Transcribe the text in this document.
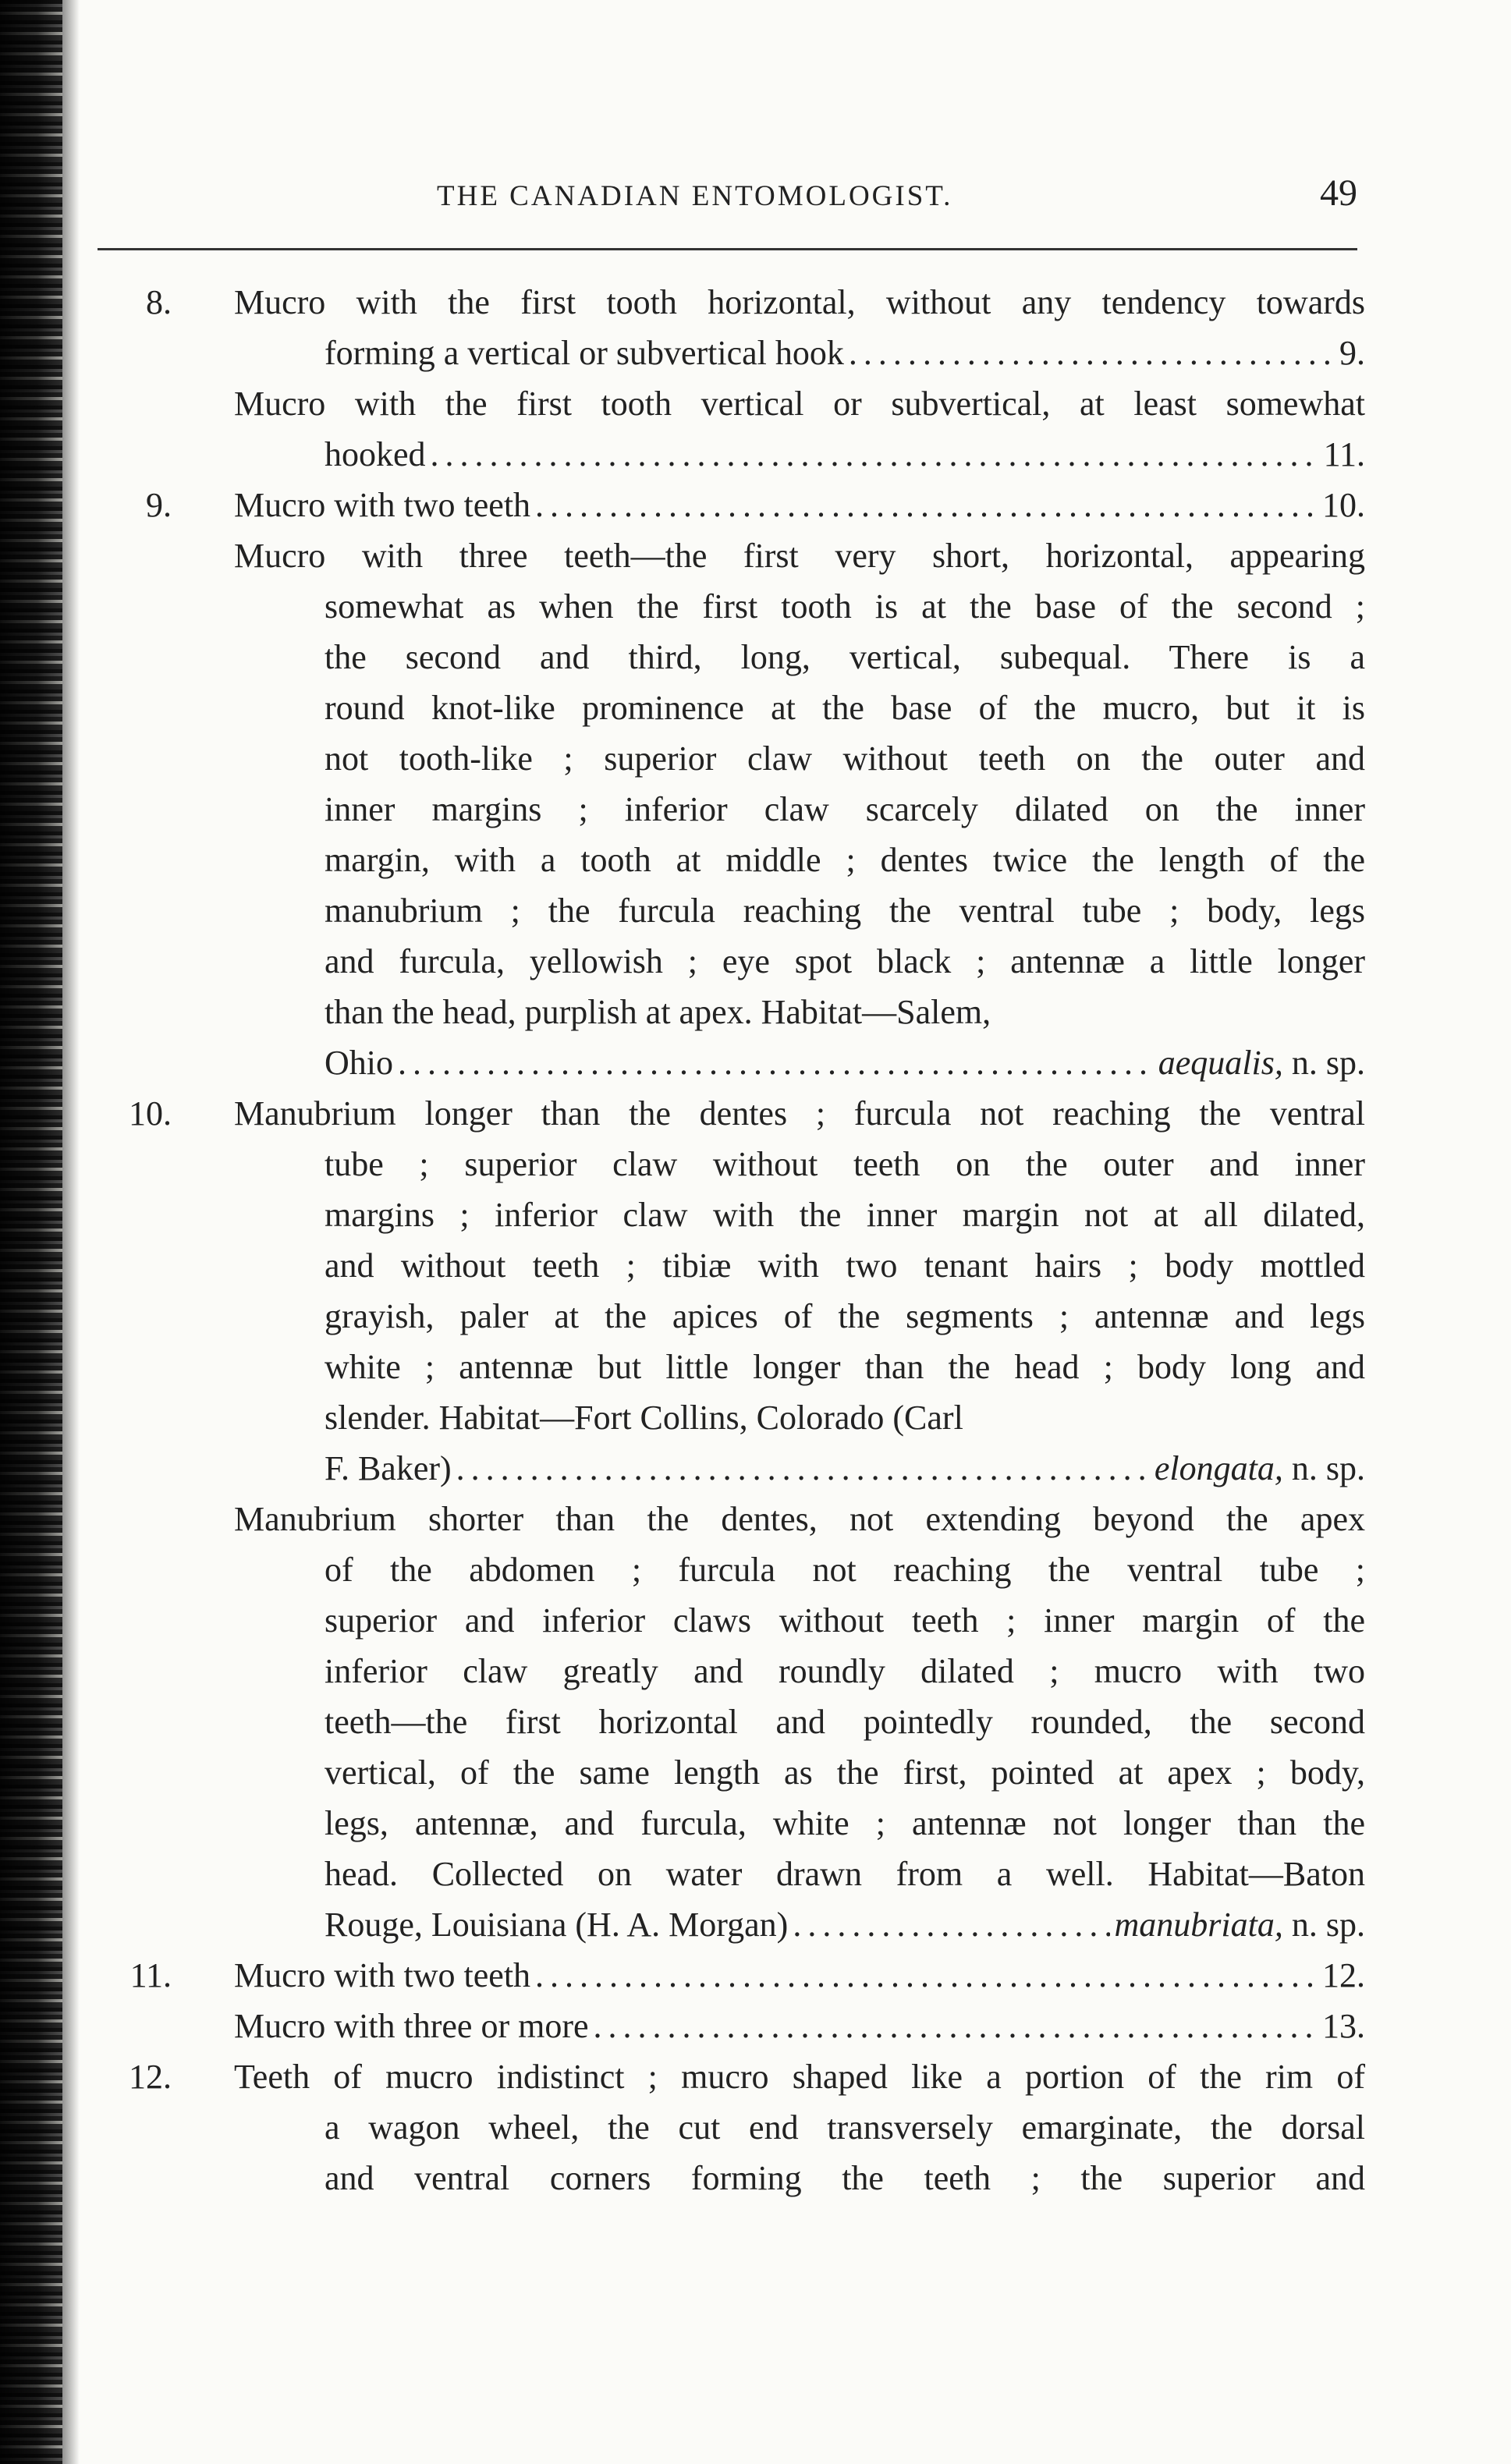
THE CANADIAN ENTOMOLOGIST.	49
8. Mucro with the first tooth horizontal, without any tendency towards
forming a vertical or subvertical hook .....	9.
Mucro with the first tooth vertical or subvertical, at least somewhat
hooked .....	11.
9. Mucro with two teeth .....	10.
Mucro with three teeth—the first very short, horizontal, appearing
somewhat as when the first tooth is at the base of the second ;
the second and third, long, vertical, subequal. There is a
round knot-like prominence at the base of the mucro, but it is
not tooth-like ; superior claw without teeth on the outer and
inner margins ; inferior claw scarcely dilated on the inner
margin, with a tooth at middle ; dentes twice the length of the
manubrium ; the furcula reaching the ventral tube ; body, legs
and furcula, yellowish ; eye spot black ; antennæ a little longer
than the head, purplish at apex. Habitat—Salem,
Ohio .....	aequalis, n. sp.
10. Manubrium longer than the dentes ; furcula not reaching the ventral
tube ; superior claw without teeth on the outer and inner
margins ; inferior claw with the inner margin not at all dilated,
and without teeth ; tibiæ with two tenant hairs ; body mottled
grayish, paler at the apices of the segments ; antennæ and legs
white ; antennæ but little longer than the head ; body long and
slender. Habitat—Fort Collins, Colorado (Carl
F. Baker) .....	elongata, n. sp.
Manubrium shorter than the dentes, not extending beyond the apex
of the abdomen ; furcula not reaching the ventral tube ;
superior and inferior claws without teeth ; inner margin of the
inferior claw greatly and roundly dilated ; mucro with two
teeth—the first horizontal and pointedly rounded, the second
vertical, of the same length as the first, pointed at apex ; body,
legs, antennæ, and furcula, white ; antennæ not longer than the
head. Collected on water drawn from a well. Habitat—Baton
Rouge, Louisiana (H. A. Morgan) .....	manubriata, n. sp.
11. Mucro with two teeth .....	12.
Mucro with three or more .....	13.
12. Teeth of mucro indistinct ; mucro shaped like a portion of the rim of
a wagon wheel, the cut end transversely emarginate, the dorsal
and ventral corners forming the teeth ; the superior and
